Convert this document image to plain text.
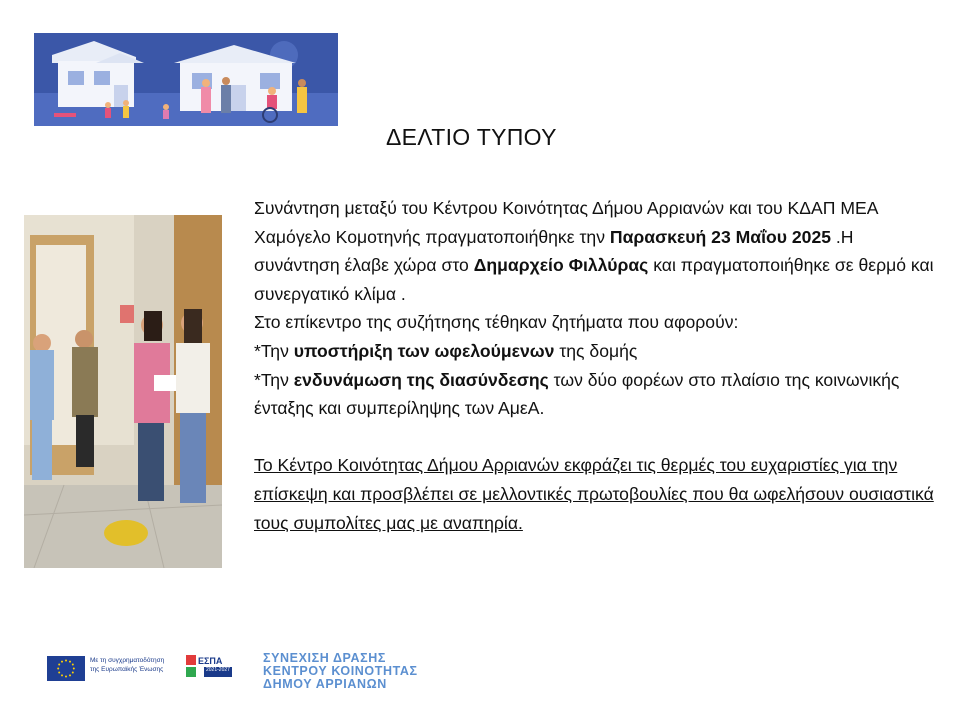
ΔΕΛΤΙΟ ΤΥΠΟΥ

Συνάντηση μεταξύ του Κέντρου Κοινότητας Δήμου Αρριανών και του ΚΔΑΠ ΜΕΑ Χαμόγελο Κομοτηνής πραγματοποιήθηκε την Παρασκευή 23 Μαΐου 2025 .Η συνάντηση έλαβε χώρα στο Δημαρχείο Φιλλύρας και πραγματοποιήθηκε σε θερμό και συνεργατικό κλίμα .

Στο επίκεντρο της συζήτησης τέθηκαν ζητήματα που αφορούν:

*Την υποστήριξη των ωφελούμενων της δομής

*Την ενδυνάμωση της διασύνδεσης των δύο φορέων στο πλαίσιο της κοινωνικής ένταξης και συμπερίληψης των ΑμεΑ.

Το Κέντρο Κοινότητας Δήμου Αρριανών εκφράζει τις θερμές του ευχαριστίες για την επίσκεψη και προσβλέπει σε μελλοντικές πρωτοβουλίες που θα ωφελήσουν ουσιαστικά τους συμπολίτες μας με αναπηρία.

Με τη συγχρηματοδότηση
της Ευρωπαϊκής Ένωσης
ΕΣΠΑ
2021-2027
ΣΥΝΕΧΙΣΗ ΔΡΑΣΗΣ
ΚΕΝΤΡΟΥ ΚΟΙΝΟΤΗΤΑΣ
ΔΗΜΟΥ ΑΡΡΙΑΝΩΝ
